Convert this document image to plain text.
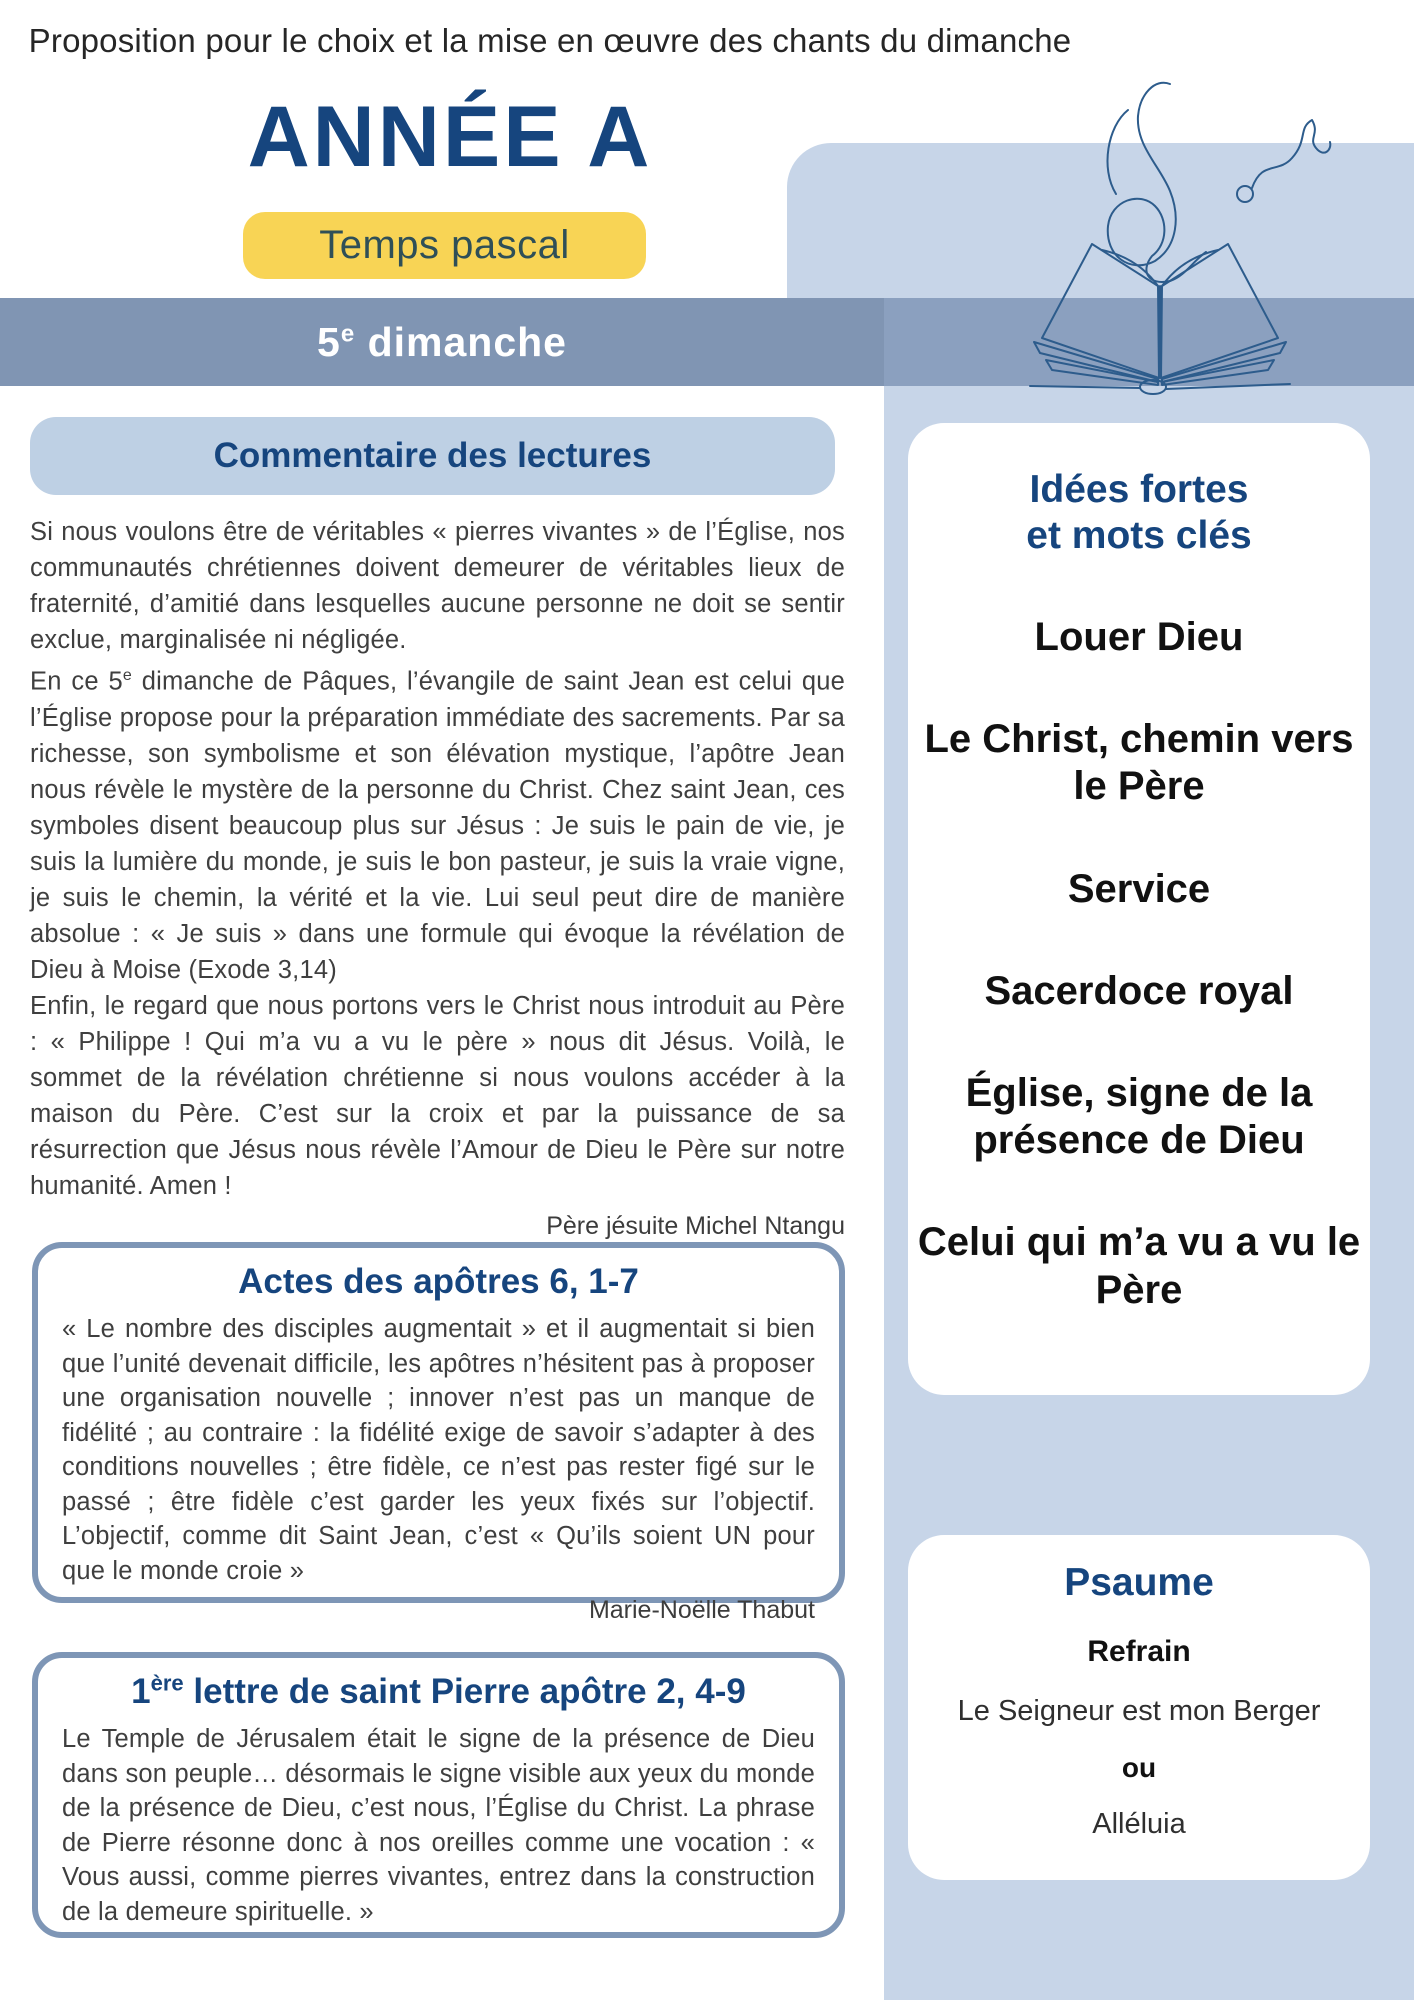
Proposition pour le choix et la mise en œuvre des chants du dimanche
ANNÉE A
Temps pascal
5e dimanche
Commentaire des lectures

Si nous voulons être de véritables « pierres vivantes » de l’Église, nos communautés chrétiennes doivent demeurer de véritables lieux de fraternité, d’amitié dans lesquelles aucune personne ne doit se sentir exclue, marginalisée ni négligée.

En ce 5e dimanche de Pâques, l’évangile de saint Jean est celui que l’Église propose pour la préparation immédiate des sacrements. Par sa richesse, son symbolisme et son élévation mystique, l’apôtre Jean nous révèle le mystère de la personne du Christ. Chez saint Jean, ces symboles disent beaucoup plus sur Jésus : Je suis le pain de vie, je suis la lumière du monde, je suis le bon pasteur, je suis la vraie vigne, je suis le chemin, la vérité et la vie. Lui seul peut dire de manière absolue : « Je suis » dans une formule qui évoque la révélation de Dieu à Moise (Exode 3,14)

Enfin, le regard que nous portons vers le Christ nous introduit au Père : « Philippe ! Qui m’a vu a vu le père » nous dit Jésus. Voilà, le sommet de la révélation chrétienne si nous voulons accéder à la maison du Père. C’est sur la croix et par la puissance de sa résurrection que Jésus nous révèle l’Amour de Dieu le Père sur notre humanité. Amen !

Père jésuite Michel Ntangu
Actes des apôtres 6, 1-7
« Le nombre des disciples augmentait » et il augmentait si bien que l’unité devenait difficile, les apôtres n’hésitent pas à proposer une organisation nouvelle ; innover n’est pas un manque de fidélité ; au contraire : la fidélité exige de savoir s’adapter à des conditions nouvelles ; être fidèle, ce n’est pas rester figé sur le passé ; être fidèle c’est garder les yeux fixés sur l’objectif. L’objectif, comme dit Saint Jean, c’est « Qu’ils soient UN pour que le monde croie »
Marie-Noëlle Thabut
1ère lettre de saint Pierre apôtre 2, 4-9
Le Temple de Jérusalem était le signe de la présence de Dieu dans son peuple… désormais le signe visible aux yeux du monde de la présence de Dieu, c’est nous, l’Église du Christ. La phrase de Pierre résonne donc à nos oreilles comme une vocation : « Vous aussi, comme pierres vivantes, entrez dans la construction de la demeure spirituelle. »
Idées fortes
et mots clés
Louer Dieu
Le Christ, chemin vers le Père
Service
Sacerdoce royal
Église, signe de la présence de Dieu
Celui qui m’a vu a vu le Père
Psaume
Refrain
Le Seigneur est mon Berger
ou
Alléluia
